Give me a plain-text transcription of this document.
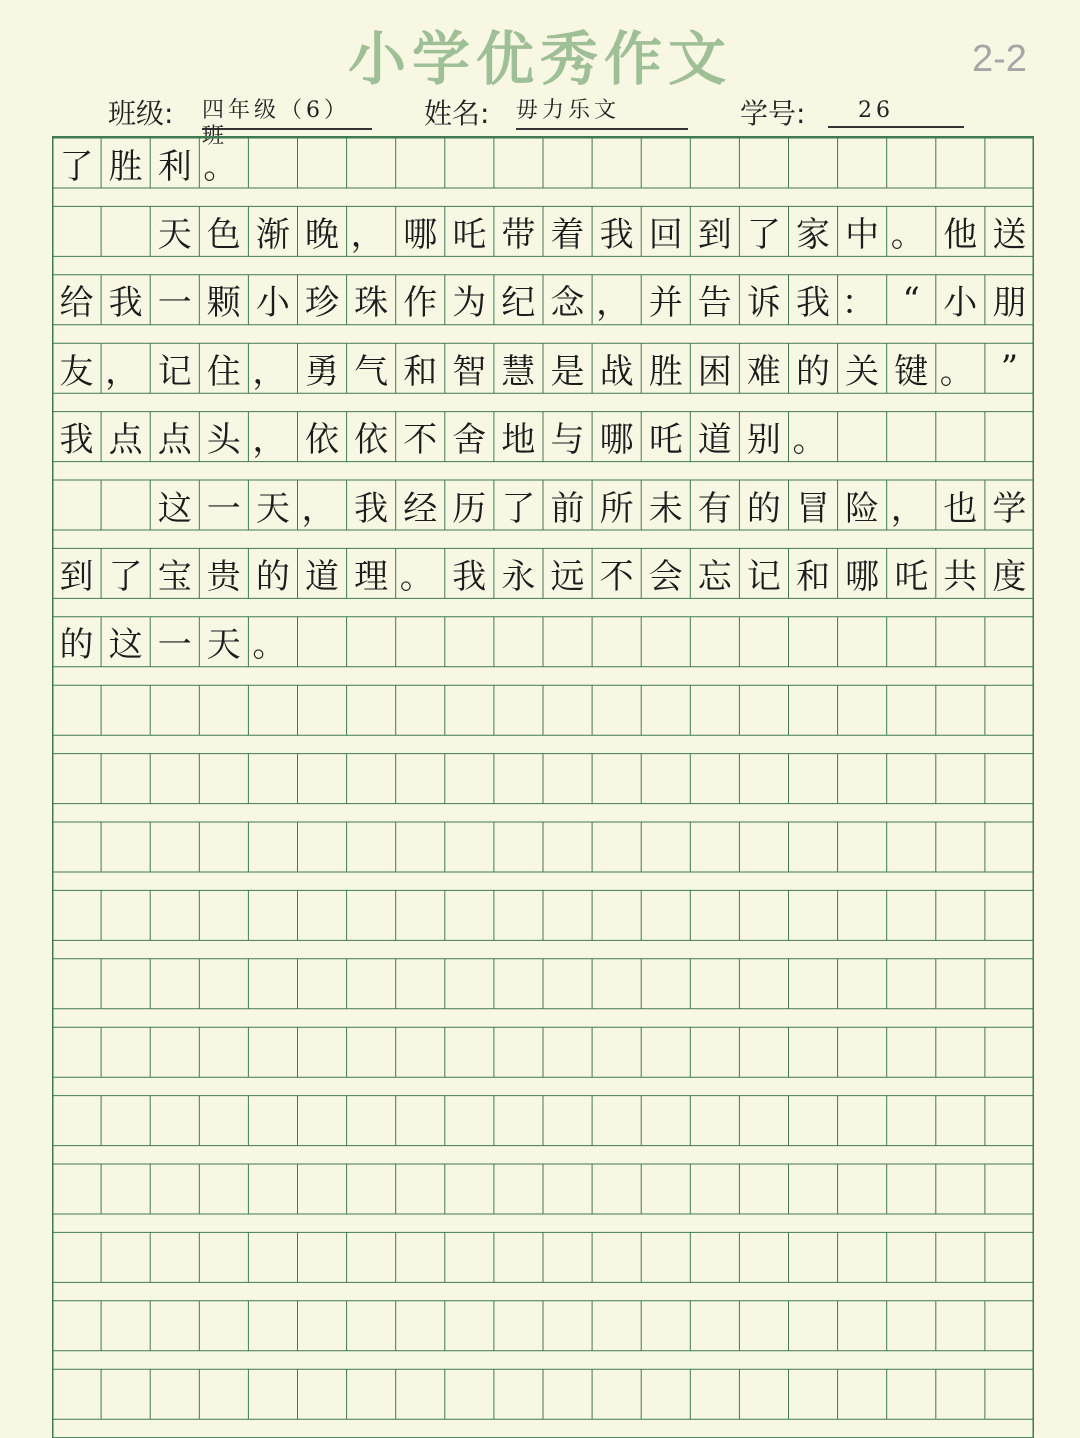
小学优秀作文	2-2
班级: 四年级（6）班
姓名: 毋力乐文	学号:	26
了 胜 利 。
天 色 渐 晚 ， 哪 吒 带 着 我 回 到 了 家 中 。 他 送
给 我 一 颗 小 珍 珠 作 为 纪 念 ， 并 告 诉 我 ： “ 小 朋
友 ， 记 住 ， 勇 气 和 智 慧 是 战 胜 困 难 的 关 键 。 ”
我 点 点 头 ， 依 依 不 舍 地 与 哪 吒 道 别 。
这 一 天 ， 我 经 历 了 前 所 未 有 的 冒 险 ， 也 学
到 了 宝 贵 的 道 理 。 我 永 远 不 会 忘 记 和 哪 吒 共 度
的 这 一 天 。
